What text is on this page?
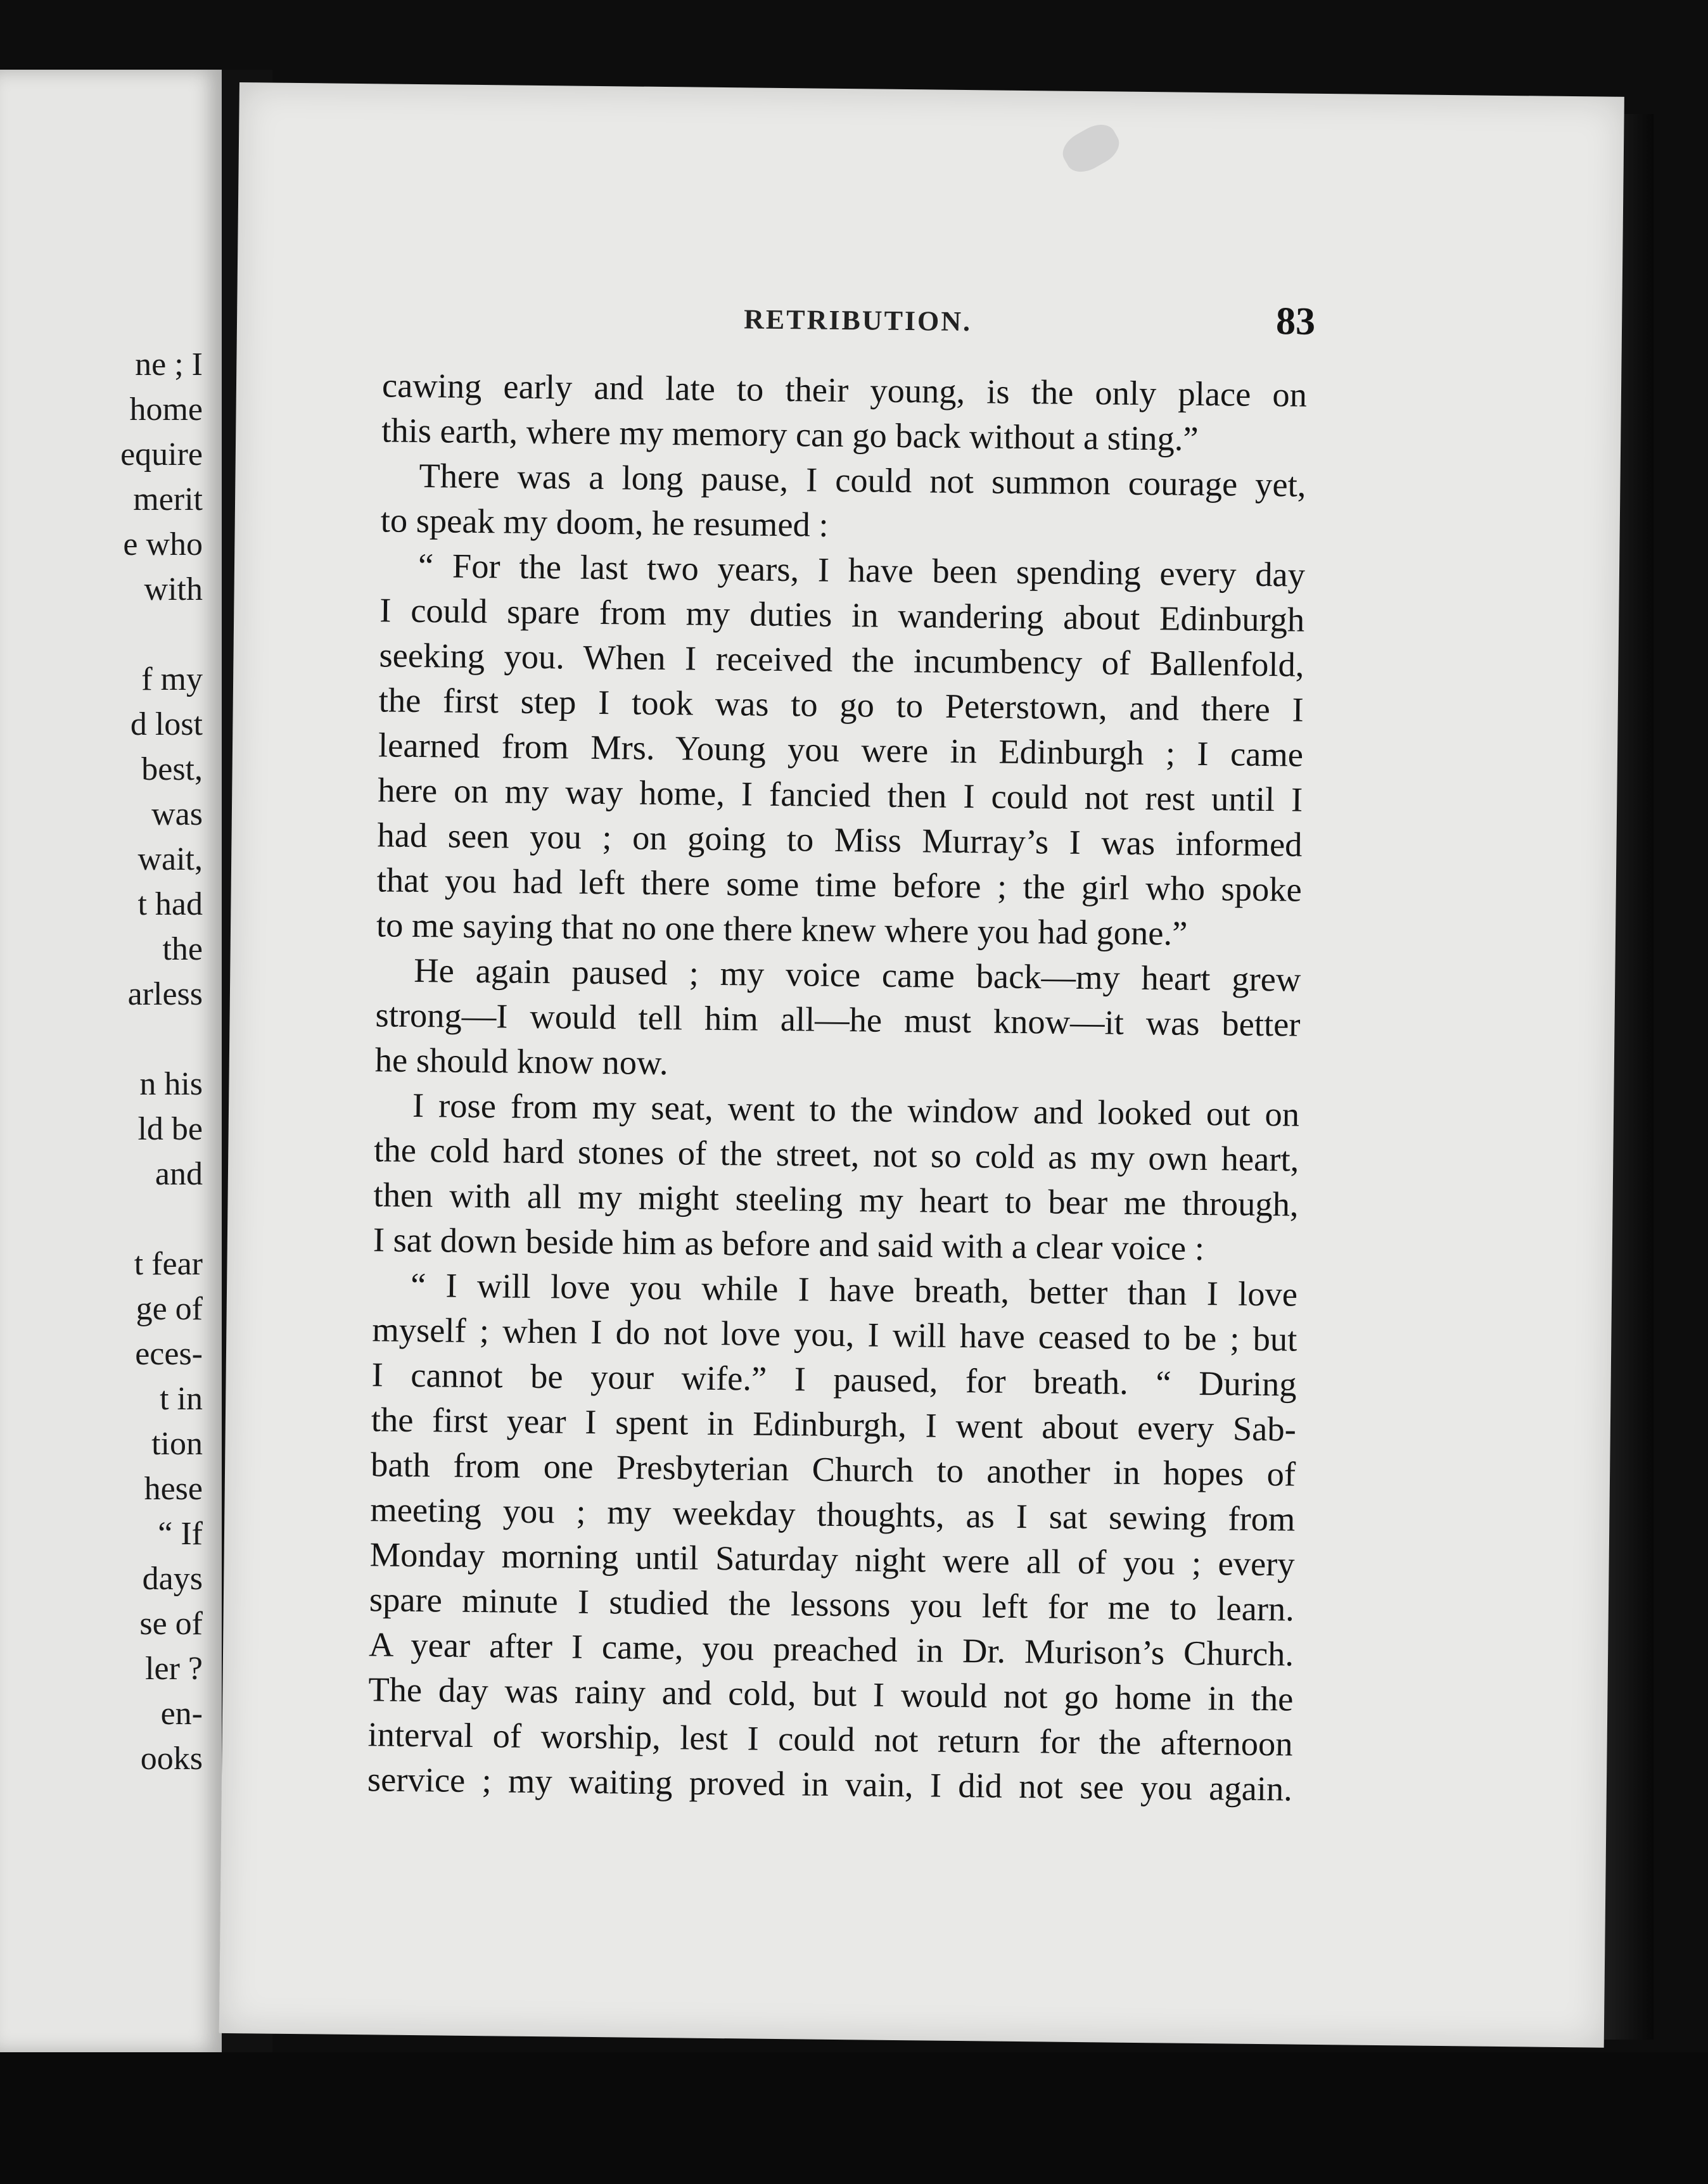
ne ; I
home
equire
merit
e who
with

f my
d lost
best,
was
wait,
t had
the
arless

n his
ld be
and

t fear
ge of
eces-
t in
tion
hese
“ If
days
se of
ler ?
en-
ooks
RETRIBUTION.	83
cawing early and late to their young, is the only place on
this earth, where my memory can go back without a sting.”
There was a long pause, I could not summon courage yet,
to speak my doom, he resumed :
“ For the last two years, I have been spending every day
I could spare from my duties in wandering about Edinburgh
seeking you. When I received the incumbency of Ballenfold,
the first step I took was to go to Peterstown, and there I
learned from Mrs. Young you were in Edinburgh ; I came
here on my way home, I fancied then I could not rest until I
had seen you ; on going to Miss Murray’s I was informed
that you had left there some time before ; the girl who spoke
to me saying that no one there knew where you had gone.”
He again paused ; my voice came back—my heart grew
strong—I would tell him all—he must know—it was better
he should know now.
I rose from my seat, went to the window and looked out on
the cold hard stones of the street, not so cold as my own heart,
then with all my might steeling my heart to bear me through,
I sat down beside him as before and said with a clear voice :
“ I will love you while I have breath, better than I love
myself ; when I do not love you, I will have ceased to be ; but
I cannot be your wife.” I paused, for breath. “ During
the first year I spent in Edinburgh, I went about every Sab-
bath from one Presbyterian Church to another in hopes of
meeting you ; my weekday thoughts, as I sat sewing from
Monday morning until Saturday night were all of you ; every
spare minute I studied the lessons you left for me to learn.
A year after I came, you preached in Dr. Murison’s Church.
The day was rainy and cold, but I would not go home in the
interval of worship, lest I could not return for the afternoon
service ; my waiting proved in vain, I did not see you again.
